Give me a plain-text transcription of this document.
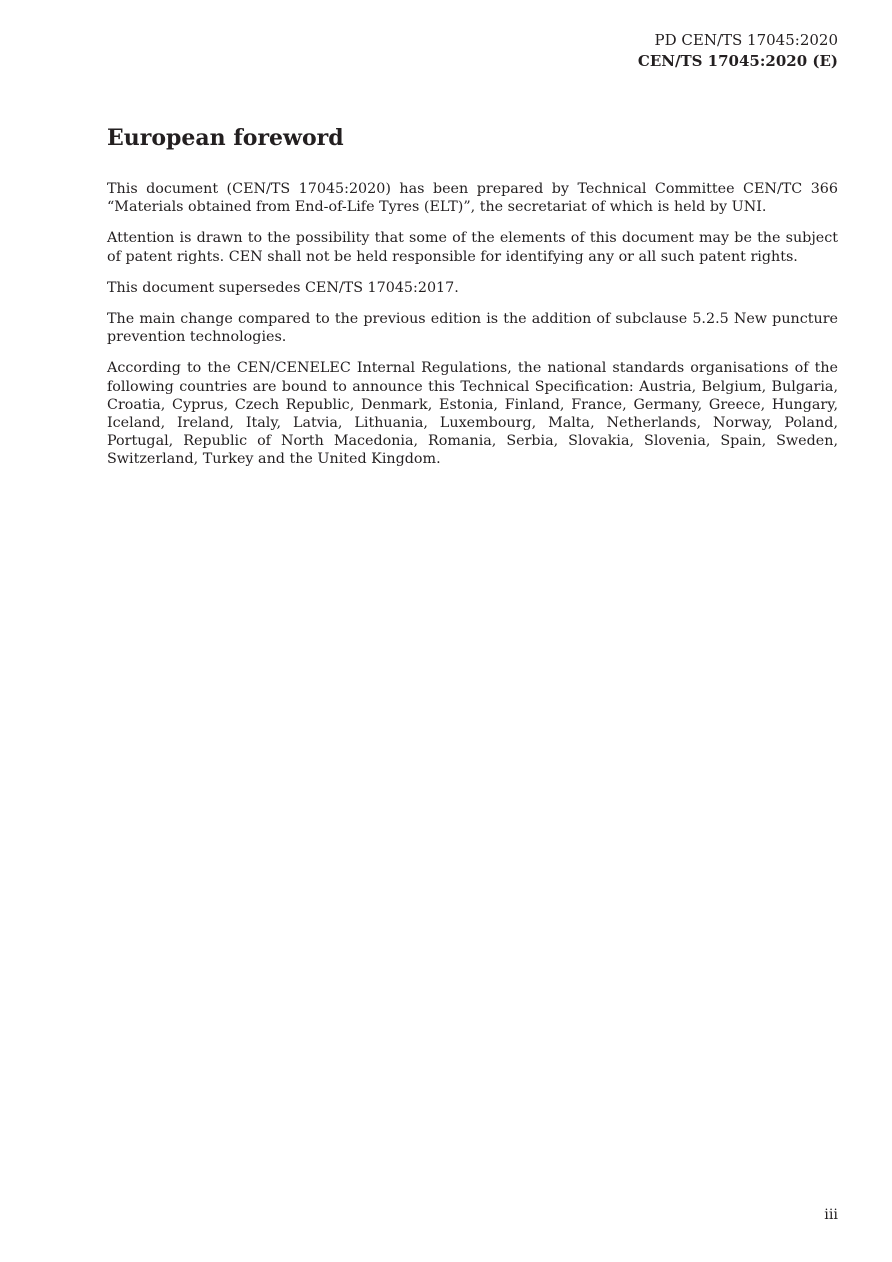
PD CEN/TS 17045:2020
CEN/TS 17045:2020 (E)
European foreword

This document (CEN/TS 17045:2020) has been prepared by Technical Committee CEN/TC 366 “Materials obtained from End-of-Life Tyres (ELT)”, the secretariat of which is held by UNI.

Attention is drawn to the possibility that some of the elements of this document may be the subject of patent rights. CEN shall not be held responsible for identifying any or all such patent rights.

This document supersedes CEN/TS 17045:2017.

The main change compared to the previous edition is the addition of subclause 5.2.5 New puncture prevention technologies.

According to the CEN/CENELEC Internal Regulations, the national standards organisations of the following countries are bound to announce this Technical Specification: Austria, Belgium, Bulgaria, Croatia, Cyprus, Czech Republic, Denmark, Estonia, Finland, France, Germany, Greece, Hungary, Iceland, Ireland, Italy, Latvia, Lithuania, Luxembourg, Malta, Netherlands, Norway, Poland, Portugal, Republic of North Macedonia, Romania, Serbia, Slovakia, Slovenia, Spain, Sweden, Switzerland, Turkey and the United Kingdom.

iii
